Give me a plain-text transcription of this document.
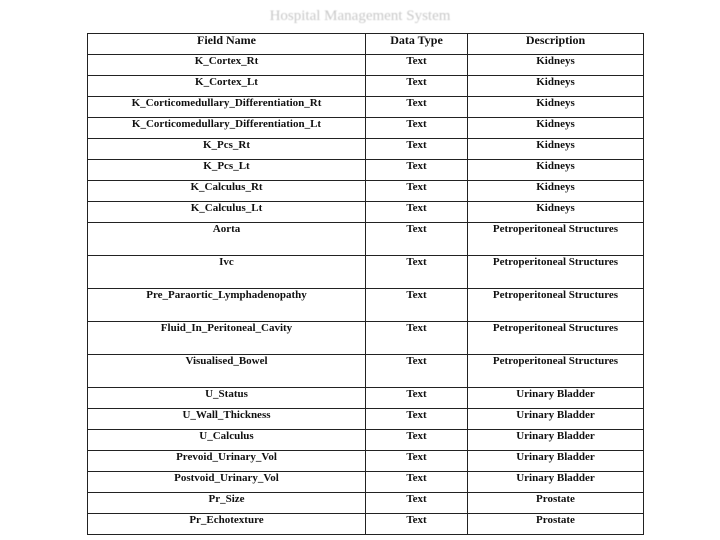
Hospital Management System
Field Name	Data Type	Description
K_Cortex_Rt	Text	Kidneys
K_Cortex_Lt	Text	Kidneys
K_Corticomedullary_Differentiation_Rt	Text	Kidneys
K_Corticomedullary_Differentiation_Lt	Text	Kidneys
K_Pcs_Rt	Text	Kidneys
K_Pcs_Lt	Text	Kidneys
K_Calculus_Rt	Text	Kidneys
K_Calculus_Lt	Text	Kidneys
Aorta	Text	Petroperitoneal Structures
Ivc	Text	Petroperitoneal Structures
Pre_Paraortic_Lymphadenopathy	Text	Petroperitoneal Structures
Fluid_In_Peritoneal_Cavity	Text	Petroperitoneal Structures
Visualised_Bowel	Text	Petroperitoneal Structures
U_Status	Text	Urinary Bladder
U_Wall_Thickness	Text	Urinary Bladder
U_Calculus	Text	Urinary Bladder
Prevoid_Urinary_Vol	Text	Urinary Bladder
Postvoid_Urinary_Vol	Text	Urinary Bladder
Pr_Size	Text	Prostate
Pr_Echotexture	Text	Prostate
